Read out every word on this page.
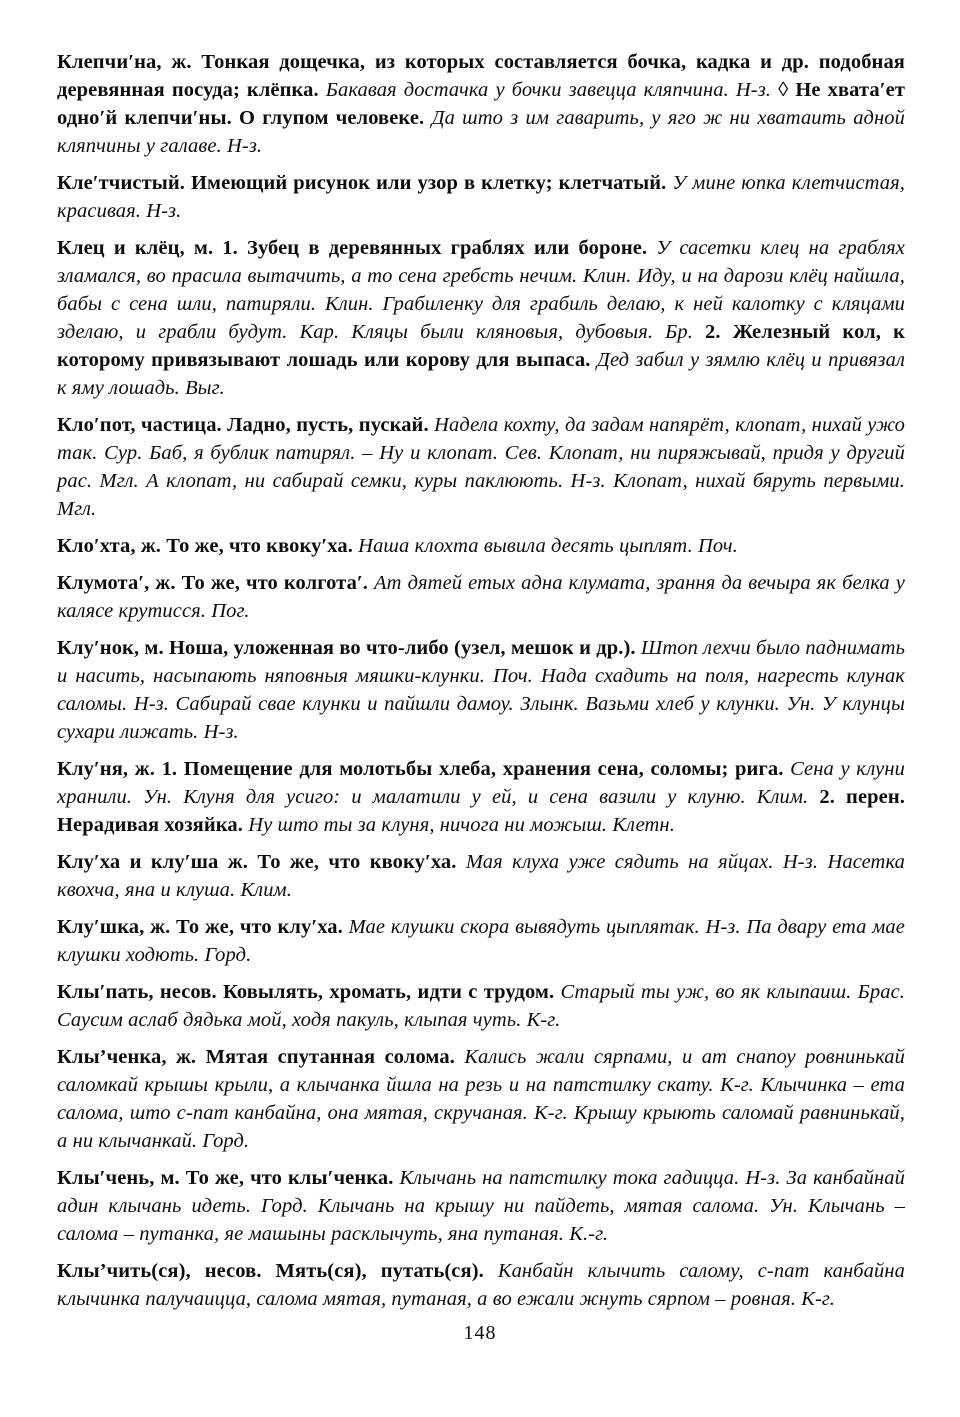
Клепчи′на, ж. Тонкая дощечка, из которых составляется бочка, кадка и др. подобная деревянная посуда; клёпка. Бакавая достачка у бочки завецца кляпчина. Н-з. ◊ Не хвата′ет одно′й клепчи′ны. О глупом человеке. Да што з им гаварить, у яго ж ни хватаить адной кляпчины у галаве. Н-з.

Кле′тчистый. Имеющий рисунок или узор в клетку; клетчатый. У мине юпка клетчистая, красивая. Н-з.

Клец и клёц, м. 1. Зубец в деревянных граблях или бороне. У сасетки клец на граблях зламался, во прасила вытачить, а то сена гребсть нечим. Клин. Иду, и на дарози клёц найшла, бабы с сена шли, патиряли. Клин. Грабиленку для грабиль делаю, к ней калотку с кляцами зделаю, и грабли будут. Кар. Кляцы были кляновыя, дубовыя. Бр. 2. Железный кол, к которому привязывают лошадь или корову для выпаса. Дед забил у зямлю клёц и привязал к яму лошадь. Выг.

Кло′пот, частица. Ладно, пусть, пускай. Надела кохту, да задам напярёт, клопат, нихай ужо так. Сур. Баб, я бублик патирял. – Ну и клопат. Сев. Клопат, ни пиряжывай, придя у другий рас. Мгл. А клопат, ни сабирай семки, куры паклюють. Н-з. Клопат, нихай бяруть первыми. Мгл.

Кло′хта, ж. То же, что квоку′ха. Наша клохта вывила десять цыплят. Поч.

Клумота′, ж. То же, что колгота′. Ат дятей етых адна клумата, зрання да вечыра як белка у калясе крутисся. Пог.

Клу′нок, м. Ноша, уложенная во что-либо (узел, мешок и др.). Штоп лехчи было паднимать и насить, насыпають няповныя мяшки-клунки. Поч. Нада схадить на поля, нагресть клунак саломы. Н-з. Сабирай свае клунки и пайшли дамоу. Злынк. Вазьми хлеб у клунки. Ун. У клунцы сухари лижать. Н-з.

Клу′ня, ж. 1. Помещение для молотьбы хлеба, хранения сена, соломы; рига. Сена у клуни хранили. Ун. Клуня для усиго: и малатили у ей, и сена вазили у клуню. Клим. 2. перен. Нерадивая хозяйка. Ну што ты за клуня, ничога ни можыш. Клетн.

Клу′ха и клу′ша ж. То же, что квоку′ха. Мая клуха уже сядить на яйцах. Н-з. Насетка квохча, яна и клуша. Клим.

Клу′шка, ж. То же, что клу′ха. Мае клушки скора вывядуть цыплятак. Н-з. Па двару ета мае клушки ходють. Горд.

Клы′пать, несов. Ковылять, хромать, идти с трудом. Старый ты уж, во як клыпаиш. Брас. Саусим аслаб дядька мой, ходя пакуль, клыпая чуть. К-г.

Клы’ченка, ж. Мятая спутанная солома. Кались жали сярпами, и ат снапоу ровнинькай саломкай крышы крыли, а клычанка йшла на резь и на патстилку скату. К-г. Клычинка – ета салома, што с-пат канбайна, она мятая, скручаная. К-г. Крышу крыють саломай равнинькай, а ни клычанкай. Горд.

Клы′чень, м. То же, что клы′ченка. Клычань на патстилку тока гадицца. Н-з. За канбайнай адин клычань идеть. Горд. Клычань на крышу ни пайдеть, мятая салома. Ун. Клычань – салома – путанка, яе машыны расклычуть, яна путаная. К.-г.

Клы’чить(ся), несов. Мять(ся), путать(ся). Канбайн клычить салому, с-пат канбайна клычинка палучаицца, салома мятая, путаная, а во ежали жнуть сярпом – ровная. К-г.

148
